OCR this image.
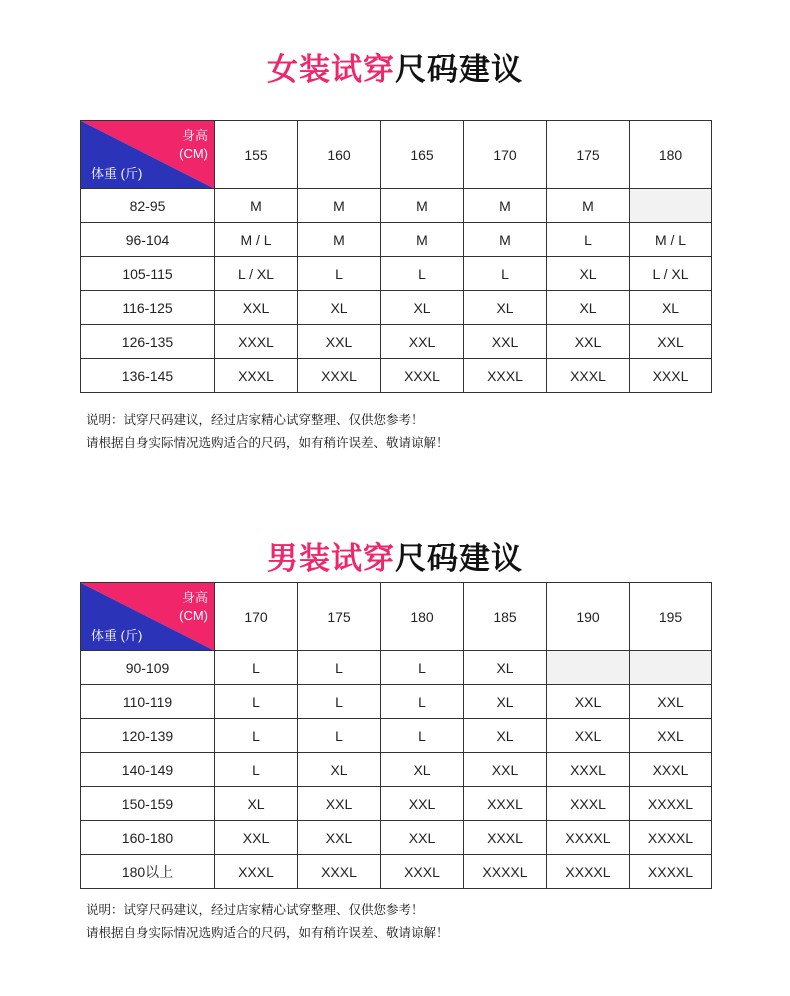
女装试穿尺码建议
身高
(CM)
体重 (斤)	155	160	165	170	175	180
82-95	M	M	M	M	M	
96-104	M / L	M	M	M	L	M / L
105-115	L / XL	L	L	L	XL	L / XL
116-125	XXL	XL	XL	XL	XL	XL
126-135	XXXL	XXL	XXL	XXL	XXL	XXL
136-145	XXXL	XXXL	XXXL	XXXL	XXXL	XXXL
说明：试穿尺码建议，经过店家精心试穿整理、仅供您参考！
请根据自身实际情况选购适合的尺码，如有稍许误差、敬请谅解！
男装试穿尺码建议
身高
(CM)
体重 (斤)	170	175	180	185	190	195
90-109	L	L	L	XL		
110-119	L	L	L	XL	XXL	XXL
120-139	L	L	L	XL	XXL	XXL
140-149	L	XL	XL	XXL	XXXL	XXXL
150-159	XL	XXL	XXL	XXXL	XXXL	XXXXL
160-180	XXL	XXL	XXL	XXXL	XXXXL	XXXXL
180以上	XXXL	XXXL	XXXL	XXXXL	XXXXL	XXXXL
说明：试穿尺码建议，经过店家精心试穿整理、仅供您参考！
请根据自身实际情况选购适合的尺码，如有稍许误差、敬请谅解！
